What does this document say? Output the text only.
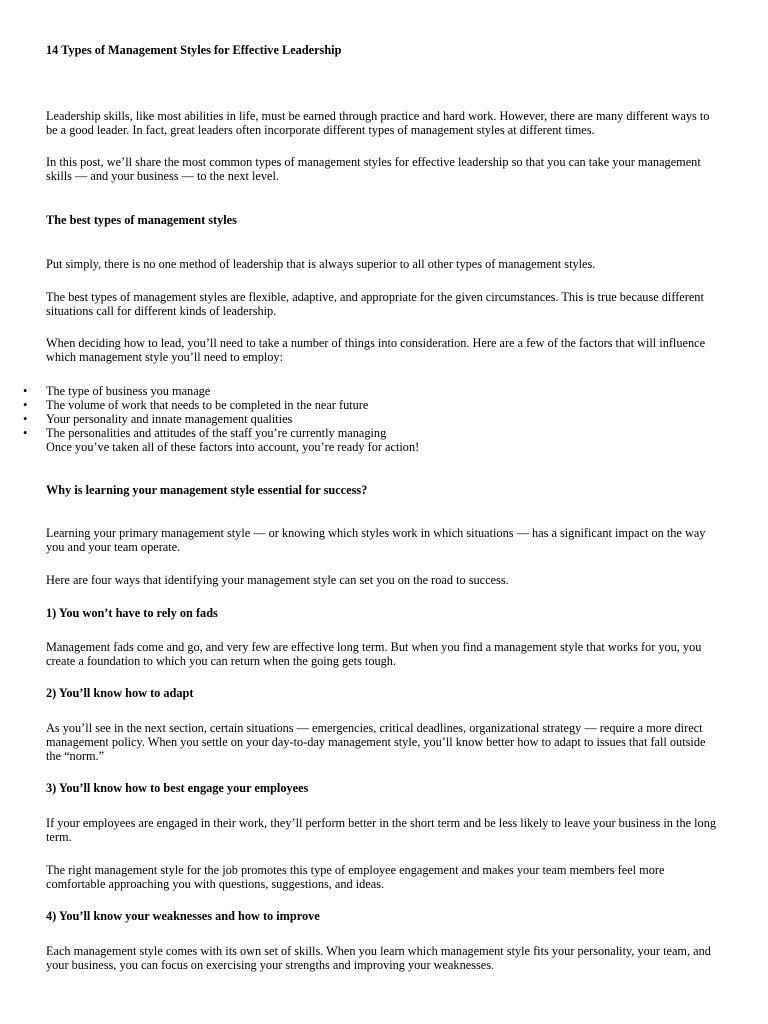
14 Types of Management Styles for Effective Leadership

Leadership skills, like most abilities in life, must be earned through practice and hard work. However, there are many different ways to be a good leader. In fact, great leaders often incorporate different types of management styles at different times.

In this post, we’ll share the most common types of management styles for effective leadership so that you can take your management skills — and your business — to the next level.

The best types of management styles

Put simply, there is no one method of leadership that is always superior to all other types of management styles.

The best types of management styles are flexible, adaptive, and appropriate for the given circumstances. This is true because different situations call for different kinds of leadership.

When deciding how to lead, you’ll need to take a number of things into consideration. Here are a few of the factors that will influence which management style you’ll need to employ:

• The type of business you manage
• The volume of work that needs to be completed in the near future
• Your personality and innate management qualities
• The personalities and attitudes of the staff you’re currently managing

Once you’ve taken all of these factors into account, you’re ready for action!

Why is learning your management style essential for success?

Learning your primary management style — or knowing which styles work in which situations — has a significant impact on the way you and your team operate.

Here are four ways that identifying your management style can set you on the road to success.

1) You won’t have to rely on fads

Management fads come and go, and very few are effective long term. But when you find a management style that works for you, you create a foundation to which you can return when the going gets tough.

2) You’ll know how to adapt

As you’ll see in the next section, certain situations — emergencies, critical deadlines, organizational strategy — require a more direct management policy. When you settle on your day-to-day management style, you’ll know better how to adapt to issues that fall outside the “norm.”

3) You’ll know how to best engage your employees

If your employees are engaged in their work, they’ll perform better in the short term and be less likely to leave your business in the long term.

The right management style for the job promotes this type of employee engagement and makes your team members feel more comfortable approaching you with questions, suggestions, and ideas.

4) You’ll know your weaknesses and how to improve

Each management style comes with its own set of skills. When you learn which management style fits your personality, your team, and your business, you can focus on exercising your strengths and improving your weaknesses.
